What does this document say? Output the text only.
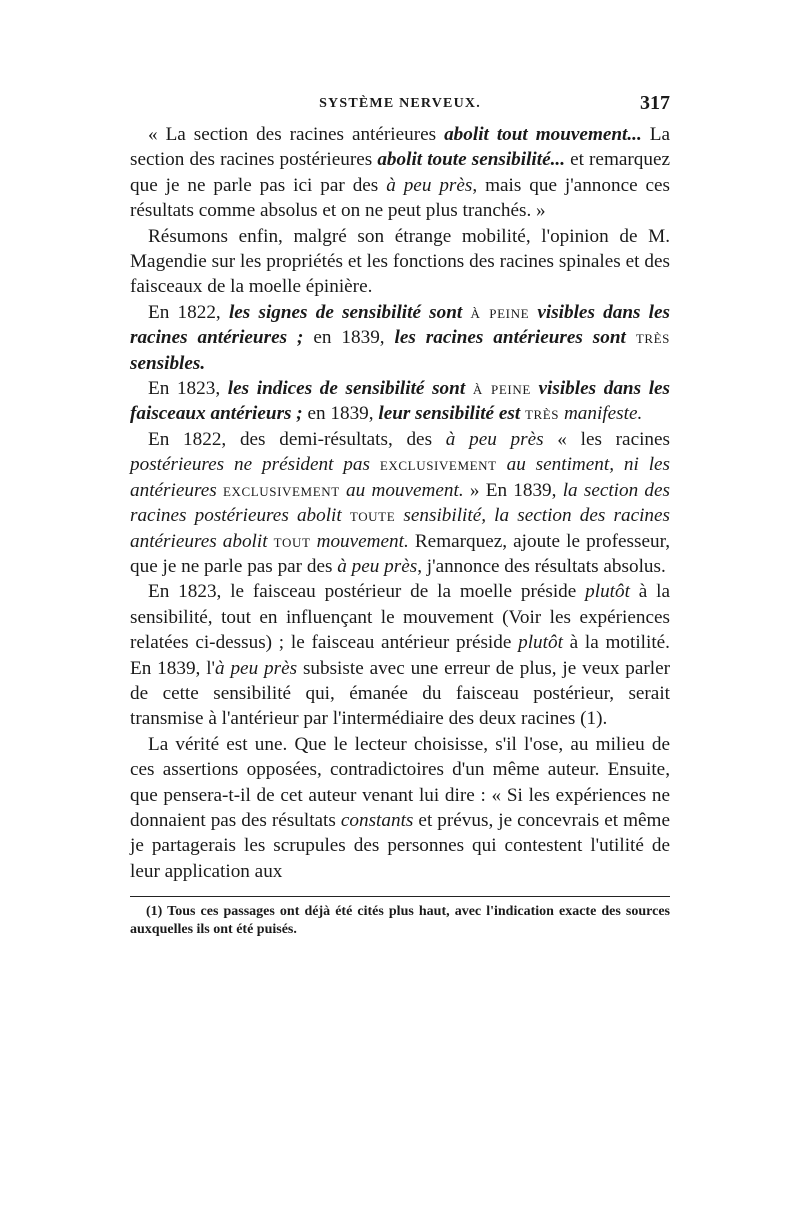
SYSTÈME NERVEUX.	317

« La section des racines antérieures abolit tout mouvement... La section des racines postérieures abolit toute sensibilité... et remarquez que je ne parle pas ici par des à peu près, mais que j'annonce ces résultats comme absolus et on ne peut plus tranchés. »

Résumons enfin, malgré son étrange mobilité, l'opinion de M. Magendie sur les propriétés et les fonctions des racines spinales et des faisceaux de la moelle épinière.

En 1822, les signes de sensibilité sont à peine visibles dans les racines antérieures ; en 1839, les racines antérieures sont très sensibles.

En 1823, les indices de sensibilité sont à peine visibles dans les faisceaux antérieurs ; en 1839, leur sensibilité est très manifeste.

En 1822, des demi-résultats, des à peu près « les racines postérieures ne président pas exclusivement au sentiment, ni les antérieures exclusivement au mouvement. » En 1839, la section des racines postérieures abolit toute sensibilité, la section des racines antérieures abolit tout mouvement. Remarquez, ajoute le professeur, que je ne parle pas par des à peu près, j'annonce des résultats absolus.

En 1823, le faisceau postérieur de la moelle préside plutôt à la sensibilité, tout en influençant le mouvement (Voir les expériences relatées ci-dessus) ; le faisceau antérieur préside plutôt à la motilité. En 1839, l'à peu près subsiste avec une erreur de plus, je veux parler de cette sensibilité qui, émanée du faisceau postérieur, serait transmise à l'antérieur par l'intermédiaire des deux racines (1).

La vérité est une. Que le lecteur choisisse, s'il l'ose, au milieu de ces assertions opposées, contradictoires d'un même auteur. Ensuite, que pensera-t-il de cet auteur venant lui dire : « Si les expériences ne donnaient pas des résultats constants et prévus, je concevrais et même je partagerais les scrupules des personnes qui contestent l'utilité de leur application aux

(1) Tous ces passages ont déjà été cités plus haut, avec l'indication exacte des sources auxquelles ils ont été puisés.
